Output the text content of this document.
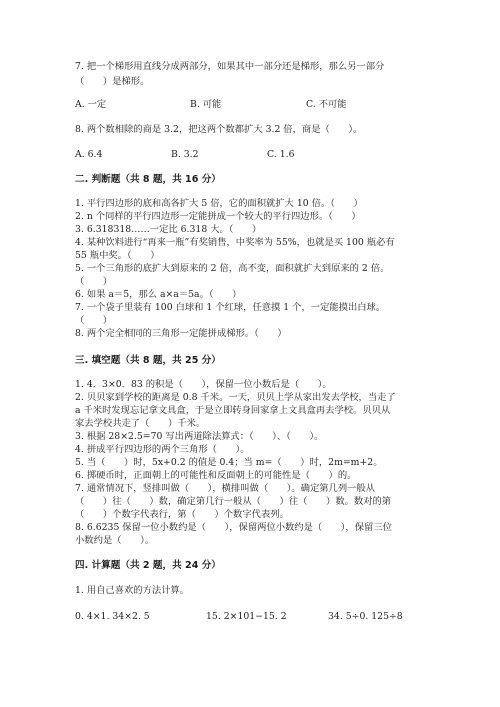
7. 把一个梯形用直线分成两部分，如果其中一部分还是梯形，那么另一部分
（　　）是梯形。
A. 一定	B. 可能	C. 不可能
8. 两个数相除的商是 3.2，把这两个数都扩大 3.2 倍，商是（　　）。
A. 6.4	B. 3.2	C. 1.6
二. 判断题（共 8 题，共 16 分）
1. 平行四边形的底和高各扩大 5 倍，它的面积就扩大 10 倍。（　　）
2. n 个同样的平行四边形一定能拼成一个较大的平行四边形。（　　）
3. 6.318318……一定比 6.318 大。（　　）
4. 某种饮料进行“再来一瓶”有奖销售，中奖率为 55%，也就是买 100 瓶必有
55 瓶中奖。（　　）
5. 一个三角形的底扩大到原来的 2 倍，高不变，面积就扩大到原来的 2 倍。
（　　）
6. 如果 a＝5，那么 a×a＝5a。（　　）
7. 一个袋子里装有 100 白球和 1 个红球，任意摸 1 个，一定能摸出白球。
（　　）
8. 两个完全相同的三角形一定能拼成梯形。（　　）
三. 填空题（共 8 题，共 25 分）
1. 4．3×0．83 的积是（　　），保留一位小数后是（　　）。
2. 贝贝家到学校的距离是 0.8 千米。一天，贝贝上学从家出发去学校，当走了
a 千米时发现忘记拿文具盒，于是立即转身回家拿上文具盒再去学校。贝贝从
家去学校共走了（　　）千米。
3. 根据 28×2.5=70 写出两道除法算式：（　　）、（　　）。
4. 拼成平行四边形的两个三角形（　　）。
5. 当（　　）时，5x+0.2 的值是 0.4；当 m=（　　）时，2m=m+2。
6. 掷硬币时，正面朝上的可能性和反面朝上的可能性是（　　）的。
7. 通常情况下，竖排叫做（　　），横排叫做（　　）。确定第几列一般从
（　　）往（　　）数，确定第几行一般从（　　）往（　　）数。数对的第
（　　）个数字代表行，第（　　）个数字代表列。
8. 6.6235 保留一位小数约是（　　），保留两位小数约是（　　），保留三位
小数约是（　　）。
四. 计算题（共 2 题，共 24 分）
1. 用自己喜欢的方法计算。
0. 4×1. 34×2. 5	15. 2×101−15. 2	34. 5÷0. 125÷8
